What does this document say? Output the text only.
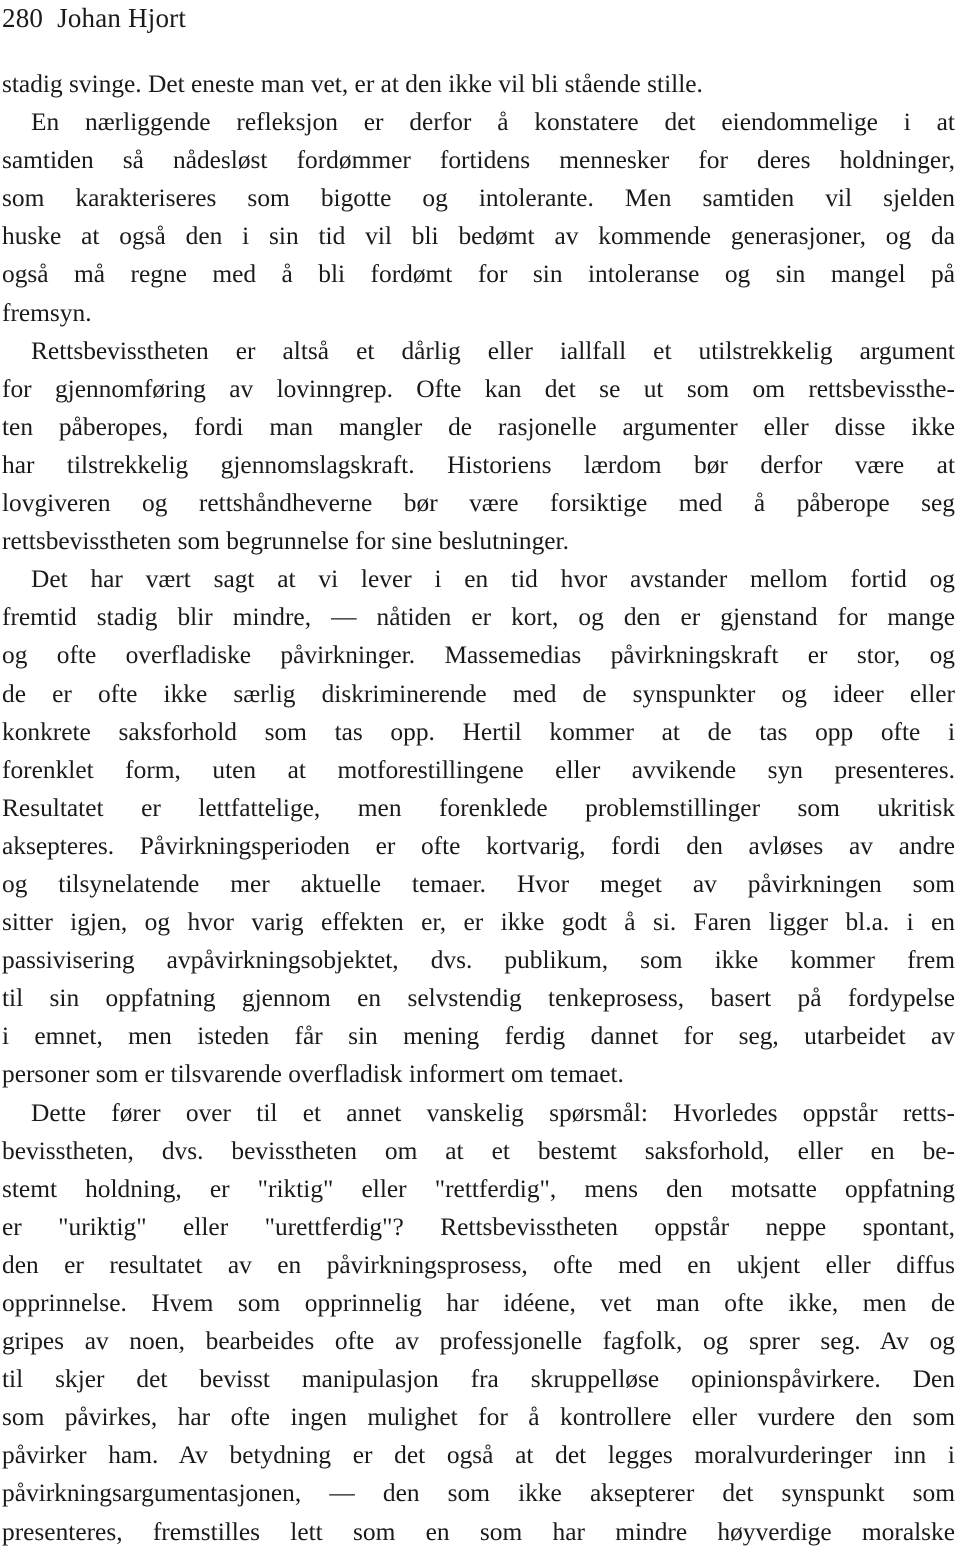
280 Johan Hjort
stadig svinge. Det eneste man vet, er at den ikke vil bli stående stille.
En nærliggende refleksjon er derfor å konstatere det eiendommelige i at
samtiden så nådesløst fordømmer fortidens mennesker for deres holdninger,
som karakteriseres som bigotte og intolerante. Men samtiden vil sjelden
huske at også den i sin tid vil bli bedømt av kommende generasjoner, og da
også må regne med å bli fordømt for sin intoleranse og sin mangel på
fremsyn.
Rettsbevisstheten er altså et dårlig eller iallfall et utilstrekkelig argument
for gjennomføring av lovinngrep. Ofte kan det se ut som om rettsbevissthe-
ten påberopes, fordi man mangler de rasjonelle argumenter eller disse ikke
har tilstrekkelig gjennomslagskraft. Historiens lærdom bør derfor være at
lovgiveren og rettshåndheverne bør være forsiktige med å påberope seg
rettsbevisstheten som begrunnelse for sine beslutninger.
Det har vært sagt at vi lever i en tid hvor avstander mellom fortid og
fremtid stadig blir mindre, — nåtiden er kort, og den er gjenstand for mange
og ofte overfladiske påvirkninger. Massemedias påvirkningskraft er stor, og
de er ofte ikke særlig diskriminerende med de synspunkter og ideer eller
konkrete saksforhold som tas opp. Hertil kommer at de tas opp ofte i
forenklet form, uten at motforestillingene eller avvikende syn presenteres.
Resultatet er lettfattelige, men forenklede problemstillinger som ukritisk
aksepteres. Påvirkningsperioden er ofte kortvarig, fordi den avløses av andre
og tilsynelatende mer aktuelle temaer. Hvor meget av påvirkningen som
sitter igjen, og hvor varig effekten er, er ikke godt å si. Faren ligger bl.a. i en
passivisering avpåvirkningsobjektet, dvs. publikum, som ikke kommer frem
til sin oppfatning gjennom en selvstendig tenkeprosess, basert på fordypelse
i emnet, men isteden får sin mening ferdig dannet for seg, utarbeidet av
personer som er tilsvarende overfladisk informert om temaet.
Dette fører over til et annet vanskelig spørsmål: Hvorledes oppstår retts-
bevisstheten, dvs. bevisstheten om at et bestemt saksforhold, eller en be-
stemt holdning, er "riktig" eller "rettferdig", mens den motsatte oppfatning
er "uriktig" eller "urettferdig"? Rettsbevisstheten oppstår neppe spontant,
den er resultatet av en påvirkningsprosess, ofte med en ukjent eller diffus
opprinnelse. Hvem som opprinnelig har idéene, vet man ofte ikke, men de
gripes av noen, bearbeides ofte av professjonelle fagfolk, og sprer seg. Av og
til skjer det bevisst manipulasjon fra skruppelløse opinionspåvirkere. Den
som påvirkes, har ofte ingen mulighet for å kontrollere eller vurdere den som
påvirker ham. Av betydning er det også at det legges moralvurderinger inn i
påvirkningsargumentasjonen, — den som ikke aksepterer det synspunkt som
presenteres, fremstilles lett som en som har mindre høyverdige moralske
